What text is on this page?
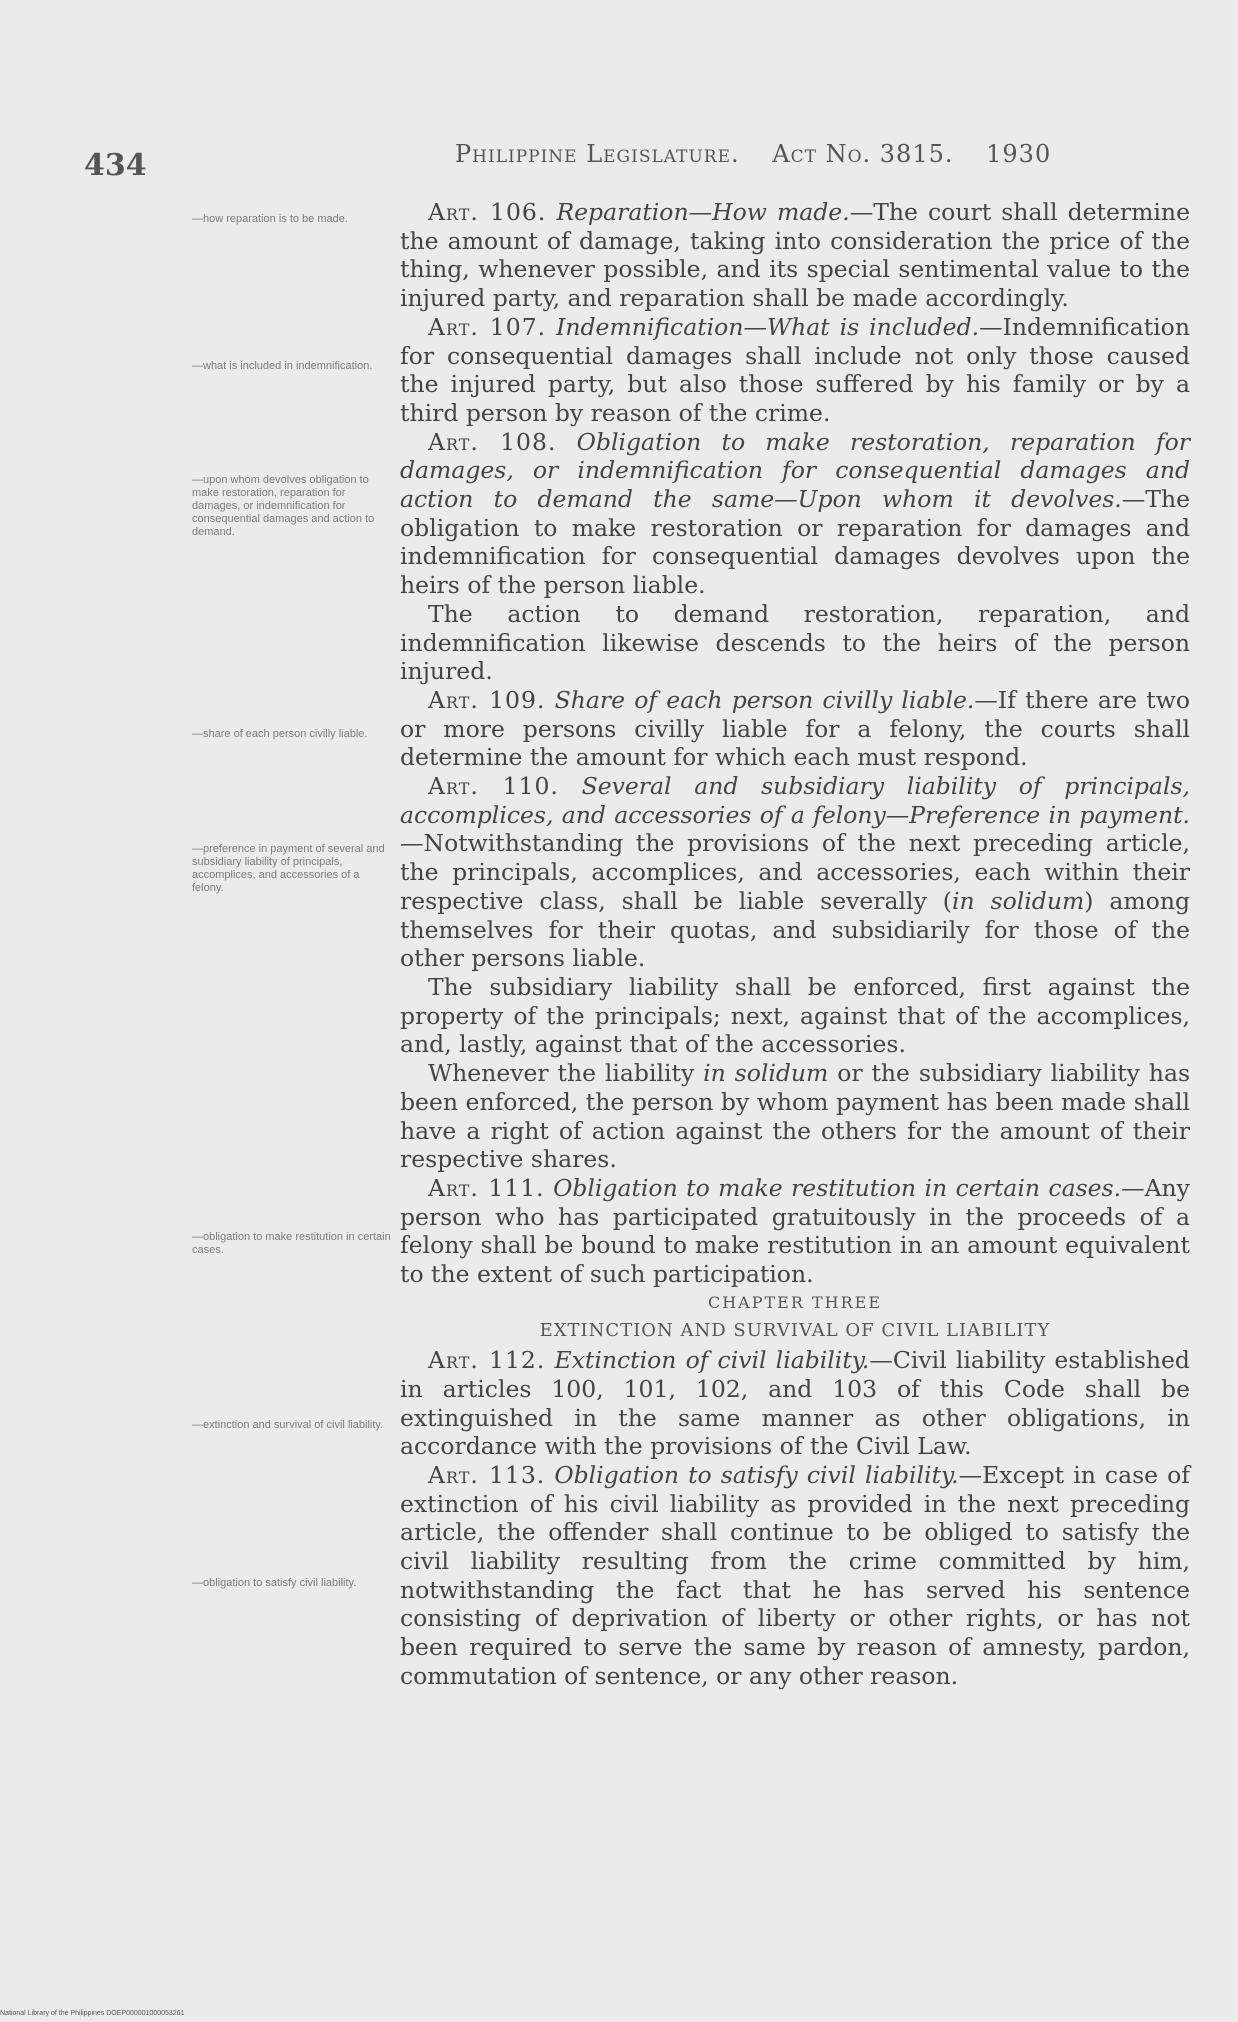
434	Philippine Legislature. Act No. 3815. 1930
—how reparation is to be made.
—what is included in indemnification.
—upon whom devolves obligation to make restoration, reparation for damages, or indemnification for consequential damages and action to demand.
—share of each person civilly liable.
—preference in payment of several and subsidiary liability of principals, accomplices, and accessories of a felony.
—obligation to make restitution in certain cases.
—extinction and survival of civil liability.
—obligation to satisfy civil liability.

Art. 106. Reparation—How made.—The court shall determine the amount of damage, taking into consideration the price of the thing, whenever possible, and its special sentimental value to the injured party, and reparation shall be made accordingly.

Art. 107. Indemnification—What is included.—Indemnification for consequential damages shall include not only those caused the injured party, but also those suffered by his family or by a third person by reason of the crime.

Art. 108. Obligation to make restoration, reparation for damages, or indemnification for consequential damages and action to demand the same—Upon whom it devolves.—The obligation to make restoration or reparation for damages and indemnification for consequential damages devolves upon the heirs of the person liable.

The action to demand restoration, reparation, and indemnification likewise descends to the heirs of the person injured.

Art. 109. Share of each person civilly liable.—If there are two or more persons civilly liable for a felony, the courts shall determine the amount for which each must respond.

Art. 110. Several and subsidiary liability of principals, accomplices, and accessories of a felony—Preference in payment.—Notwithstanding the provisions of the next preceding article, the principals, accomplices, and accessories, each within their respective class, shall be liable severally (in solidum) among themselves for their quotas, and subsidiarily for those of the other persons liable.

The subsidiary liability shall be enforced, first against the property of the principals; next, against that of the accomplices, and, lastly, against that of the accessories.

Whenever the liability in solidum or the subsidiary liability has been enforced, the person by whom payment has been made shall have a right of action against the others for the amount of their respective shares.

Art. 111. Obligation to make restitution in certain cases.—Any person who has participated gratuitously in the proceeds of a felony shall be bound to make restitution in an amount equivalent to the extent of such participation.

CHAPTER THREE

EXTINCTION AND SURVIVAL OF CIVIL LIABILITY

Art. 112. Extinction of civil liability.—Civil liability established in articles 100, 101, 102, and 103 of this Code shall be extinguished in the same manner as other obligations, in accordance with the provisions of the Civil Law.

Art. 113. Obligation to satisfy civil liability.—Except in case of extinction of his civil liability as provided in the next preceding article, the offender shall continue to be obliged to satisfy the civil liability resulting from the crime committed by him, notwithstanding the fact that he has served his sentence consisting of deprivation of liberty or other rights, or has not been required to serve the same by reason of amnesty, pardon, commutation of sentence, or any other reason.

National Library of the Philippines DOEP000001000053261
